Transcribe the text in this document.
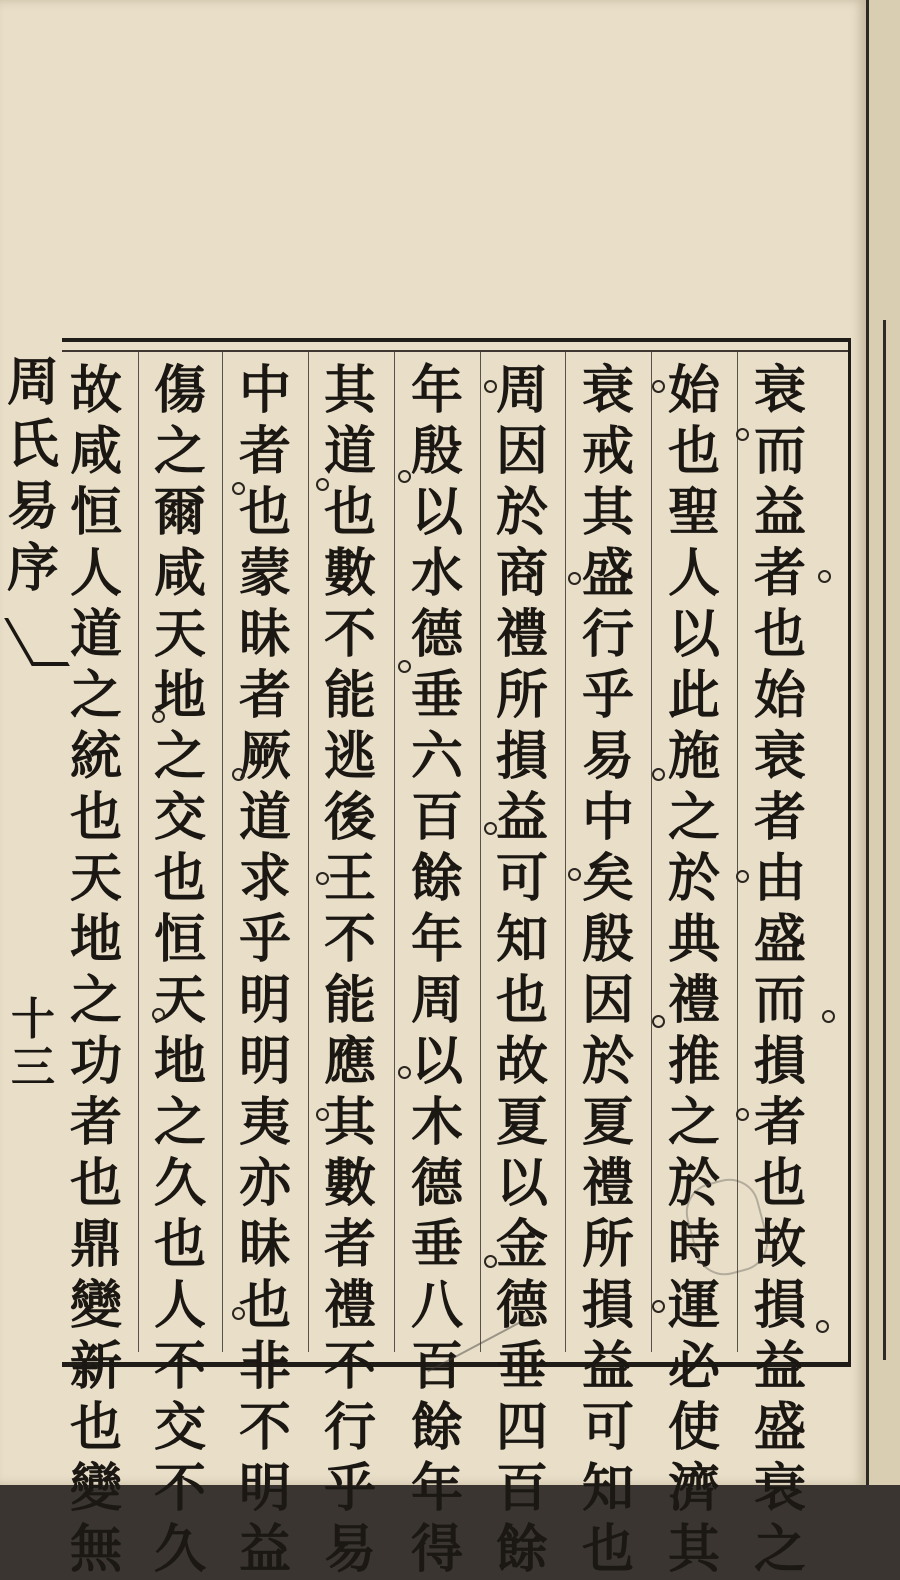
衰
而
益
者
也
始
衰
者
由
盛
而
損
者
也
故
損
益
盛
衰
之
始
也
聖
人
以
此
施
之
於
典
禮
推
之
於
時
運
必
使
濟
其
衰
戒
其
盛
行
乎
易
中
矣
殷
因
於
夏
禮
所
損
益
可
知
也
周
因
於
商
禮
所
損
益
可
知
也
故
夏
以
金
德
垂
四
百
餘
年
殷
以
水
德
垂
六
百
餘
年
周
以
木
德
垂
八
百
餘
年
得
其
道
也
數
不
能
逃
後
王
不
能
應
其
數
者
禮
不
行
乎
易
中
者
也
蒙
昧
者
厥
道
求
乎
明
明
夷
亦
昧
也
非
不
明
益
傷
之
爾
咸
天
地
之
交
也
恒
天
地
之
久
也
人
不
交
不
久
故
咸
恒
人
道
之
統
也
天
地
之
功
者
也
鼎
變
新
也
變
無
周
氏
易
序
十
三
